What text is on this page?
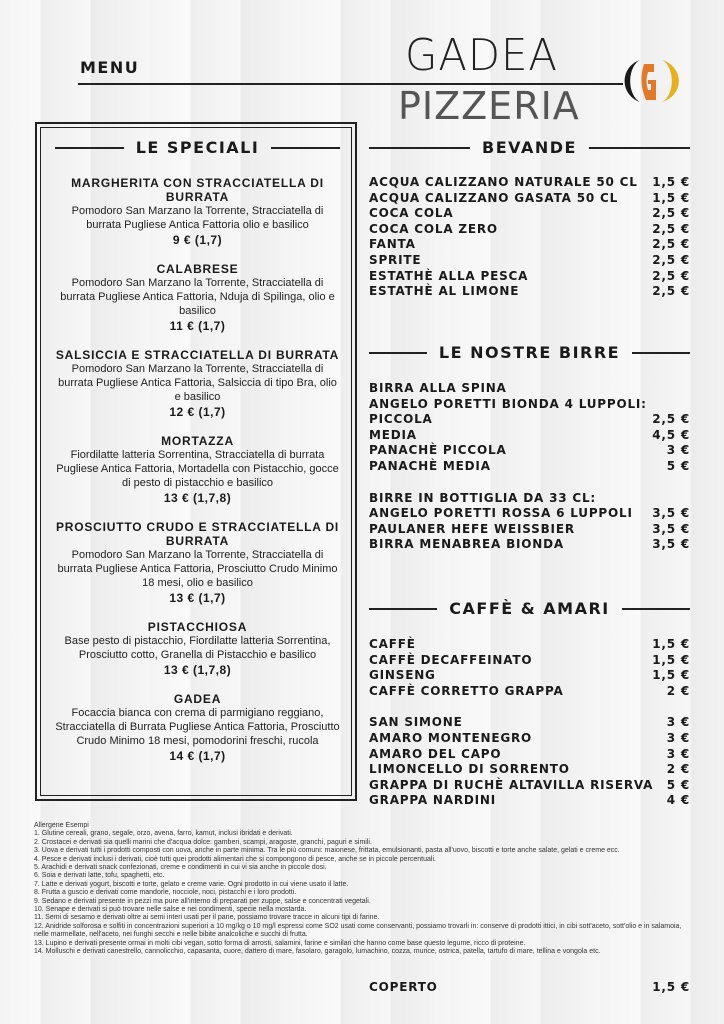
MENU	GADEA
PIZZERIA
LE SPECIALI
MARGHERITA CON STRACCIATELLA DI BURRATA
Pomodoro San Marzano la Torrente, Stracciatella di burrata Pugliese Antica Fattoria olio e basilico
9 € (1,7)
CALABRESE
Pomodoro San Marzano la Torrente, Stracciatella di burrata Pugliese Antica Fattoria, Nduja di Spilinga, olio e basilico
11 € (1,7)
SALSICCIA E STRACCIATELLA DI BURRATA
Pomodoro San Marzano la Torrente, Stracciatella di burrata Pugliese Antica Fattoria, Salsiccia di tipo Bra, olio e basilico
12 € (1,7)
MORTAZZA
Fiordilatte latteria Sorrentina, Stracciatella di burrata Pugliese Antica Fattoria, Mortadella con Pistacchio, gocce di pesto di pistacchio e basilico
13 € (1,7,8)
PROSCIUTTO CRUDO E STRACCIATELLA DI BURRATA
Pomodoro San Marzano la Torrente, Stracciatella di burrata Pugliese Antica Fattoria, Prosciutto Crudo Minimo 18 mesi, olio e basilico
13 € (1,7)
PISTACCHIOSA
Base pesto di pistacchio, Fiordilatte latteria Sorrentina, Prosciutto cotto, Granella di Pistacchio e basilico
13 € (1,7,8)
GADEA
Focaccia bianca con crema di parmigiano reggiano, Stracciatella di Burrata Pugliese Antica Fattoria, Prosciutto Crudo Minimo 18 mesi, pomodorini freschi, rucola
14 € (1,7)
BEVANDE
ACQUA CALIZZANO NATURALE 50 CL 1,5 €
ACQUA CALIZZANO GASATA 50 CL	1,5 €
COCA COLA	2,5 €
COCA COLA ZERO	2,5 €
FANTA	2,5 €
SPRITE	2,5 €
ESTATHÈ ALLA PESCA	2,5 €
ESTATHÈ AL LIMONE	2,5 €
LE NOSTRE BIRRE
BIRRA ALLA SPINA
ANGELO PORETTI BIONDA 4 LUPPOLI:
PICCOLA	2,5 €
MEDIA	4,5 €
PANACHÈ PICCOLA	3 €
PANACHÈ MEDIA	5 €
BIRRE IN BOTTIGLIA DA 33 CL:
ANGELO PORETTI ROSSA 6 LUPPOLI 3,5 €
PAULANER HEFE WEISSBIER	3,5 €
BIRRA MENABREA BIONDA	3,5 €
CAFFÈ & AMARI
CAFFÈ	1,5 €
CAFFÈ DECAFFEINATO	1,5 €
GINSENG	1,5 €
CAFFÈ CORRETTO GRAPPA	2 €
SAN SIMONE	3 €
AMARO MONTENEGRO	3 €
AMARO DEL CAPO	3 €
LIMONCELLO DI SORRENTO	2 €
GRAPPA DI RUCHÈ ALTAVILLA RISERVA 5 €
GRAPPA NARDINI	4 €
Allergene Esempi
1. Glutine cereali, grano, segale, orzo, avena, farro, kamut, inclusi ibridati e derivati.
2. Crostacei e derivati sia quelli marini che d'acqua dolce: gamberi, scampi, aragoste, granchi, paguri e simili.
3. Uova e derivati tutti i prodotti composti con uova, anche in parte minima. Tra le più comuni: maionese, frittata, emulsionanti, pasta all'uovo, biscotti e torte anche salate, gelati e creme ecc.
4. Pesce e derivati inclusi i derivati, cioè tutti quei prodotti alimentari che si compongono di pesce, anche se in piccole percentuali.
5. Arachidi e derivati snack confezionati, creme e condimenti in cui vi sia anche in piccole dosi.
6. Soia e derivati latte, tofu, spaghetti, etc.
7. Latte e derivati yogurt, biscotti e torte, gelato e creme varie. Ogni prodotto in cui viene usato il latte.
8. Frutta a guscio e derivati come mandorle, nocciole, noci, pistacchi e i loro prodotti.
9. Sedano e derivati presente in pezzi ma pure all'interno di preparati per zuppe, salse e concentrati vegetali.
10. Senape e derivati si può trovare nelle salse e nei condimenti, specie nella mostarda.
11. Semi di sesamo e derivati oltre ai semi interi usati per il pane, possiamo trovare tracce in alcuni tipi di farine.
12. Anidride solforosa e solfiti in concentrazioni superiori a 10 mg/kg o 10 mg/l espressi come SO2 usati come conservanti, possiamo trovarli in: conserve di prodotti ittici, in cibi sott'aceto, sott'olio e in salamoia, nelle marmellate, nell'aceto, nei funghi secchi e nelle bibite analcoliche e succhi di frutta.
13. Lupino e derivati presente ormai in molti cibi vegan, sotto forma di arrosti, salamini, farine e similari che hanno come base questo legume, ricco di proteine.
14. Molluschi e derivati canestrello, cannolicchio, capasanta, cuore, dattero di mare, fasolaro, garagolo, lumachino, cozza, murice, ostrica, patella, tartufo di mare, tellina e vongola etc.
COPERTO	1,5 €
